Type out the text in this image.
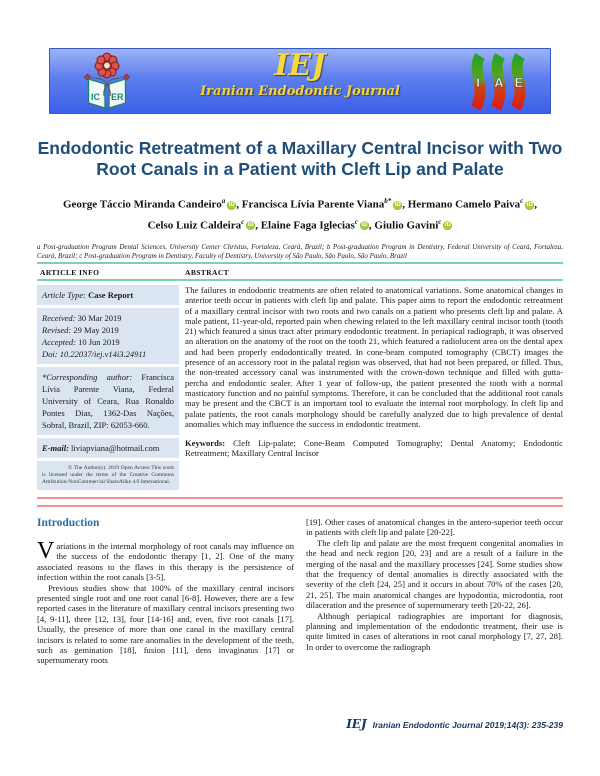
IC ER
IEJ
Iranian Endodontic Journal
I A E
Endodontic Retreatment of a Maxillary Central Incisor with Two Root Canals in a Patient with Cleft Lip and Palate
George Táccio Miranda Candeiro$^a$ iD , Francisca Lívia Parente Viana$^{b*}$ iD , Hermano Camelo Paiva$^c$ iD ,
Celso Luiz Caldeira$^c$ iD , Elaine Faga Iglecias$^c$ iD , Giulio Gavini$^c$ iD
a Post-graduation Program Dental Sciences, University Center Christus, Fortaleza, Ceará, Brazil; b Post-graduation Program in Dentistry, Federal University of Ceará, Fortaleza, Ceará, Brazil; c Post-graduation Program in Dentistry, Faculty of Dentistry, University of São Paulo, São Paulo, São Paulo, Brazil
ARTICLE INFO	ABSTRACT
Article Type: Case Report
Received: 30 Mar 2019
Revised: 29 May 2019
Accepted: 10 Jun 2019
Doi: 10.22037/iej.v14i3.24911
*Corresponding author: Francisca Lívia Parente Viana, Federal University of Ceara, Rua Ronaldo Pontes Dias, 1362-Das Nações, Sobral, Brazil, ZIP: 62053-660.
E-mail: liviapviana@hotmail.com
© The Author(s). 2019 Open Access This work is licensed under the terms of the Creative Commons Attribution-NonCommercial ShareAlike 4.0 International.
The failures in endodontic treatments are often related to anatomical variations. Some anatomical changes in anterior teeth occur in patients with cleft lip and palate. This paper aims to report the endodontic retreatment of a maxillary central incisor with two roots and two canals on a patient who presents cleft lip and palate. A male patient, 11-year-old, reported pain when chewing related to the left maxillary central incisor tooth (tooth 21) which featured a sinus tract after primary endodontic treatment. In periapical radiograph, it was observed an alteration on the anatomy of the root on the tooth 21, which featured a radiolucent area on the dental apex and had been properly endodontically treated. In cone-beam computed tomography (CBCT) images the presence of an accessory root in the palatal region was observed, that had not been prepared, or filled. Thus, the non-treated accessory canal was instrumented with the crown-down technique and filled with gutta-percha and endodontic sealer. After 1 year of follow-up, the patient presented the tooth with a normal masticatory function and no painful symptoms. Therefore, it can be concluded that the additional root canals may be present and the CBCT is an important tool to evaluate the internal root morphology. In cleft lip and palate patients, the root canals morphology should be carefully analyzed due to high prevalence of dental anomalies which may influence the success in endodontic treatment.
Keywords: Cleft Lip-palate; Cone-Beam Computed Tomography; Dental Anatomy; Endodontic Retreatment; Maxillary Central Incisor
Introduction

Variations in the internal morphology of root canals may influence on the success of the endodontic therapy [1, 2]. One of the many associated reasons to the flaws in this therapy is the persistence of infection within the root canals [3-5].

Previous studies show that 100% of the maxillary central incisors presented single root and one root canal [6-8]. However, there are a few reported cases in the literature of maxillary central incisors presenting two [4, 9-11], three [12, 13], four [14-16] and, even, five root canals [17]. Usually, the presence of more than one canal in the maxillary central incisors is related to some rare anomalies in the development of the teeth, such as gemination [18], fusion [11], dens invaginatus [17] or supernumerary roots

[19]. Other cases of anatomical changes in the antero-superior teeth occur in patients with cleft lip and palate [20-22].

The cleft lip and palate are the most frequent congenital anomalies in the head and neck region [20, 23] and are a result of a failure in the merging of the nasal and the maxillary processes [24]. Some studies show that the frequency of dental anomalies is directly associated with the severity of the cleft [24, 25] and it occurs in about 70% of the cases [20, 21, 25]. The main anatomical changes are hypodontia, microdontia, root dilaceration and the presence of supernumerary teeth [20-22, 26].

Although periapical radiographies are important for diagnosis, planning and implementation of the endodontic treatment, their use is quite limited in cases of alterations in root canal morphology [7, 27, 28]. In order to overcome the radiograph

IEJ Iranian Endodontic Journal 2019;14(3): 235-239
